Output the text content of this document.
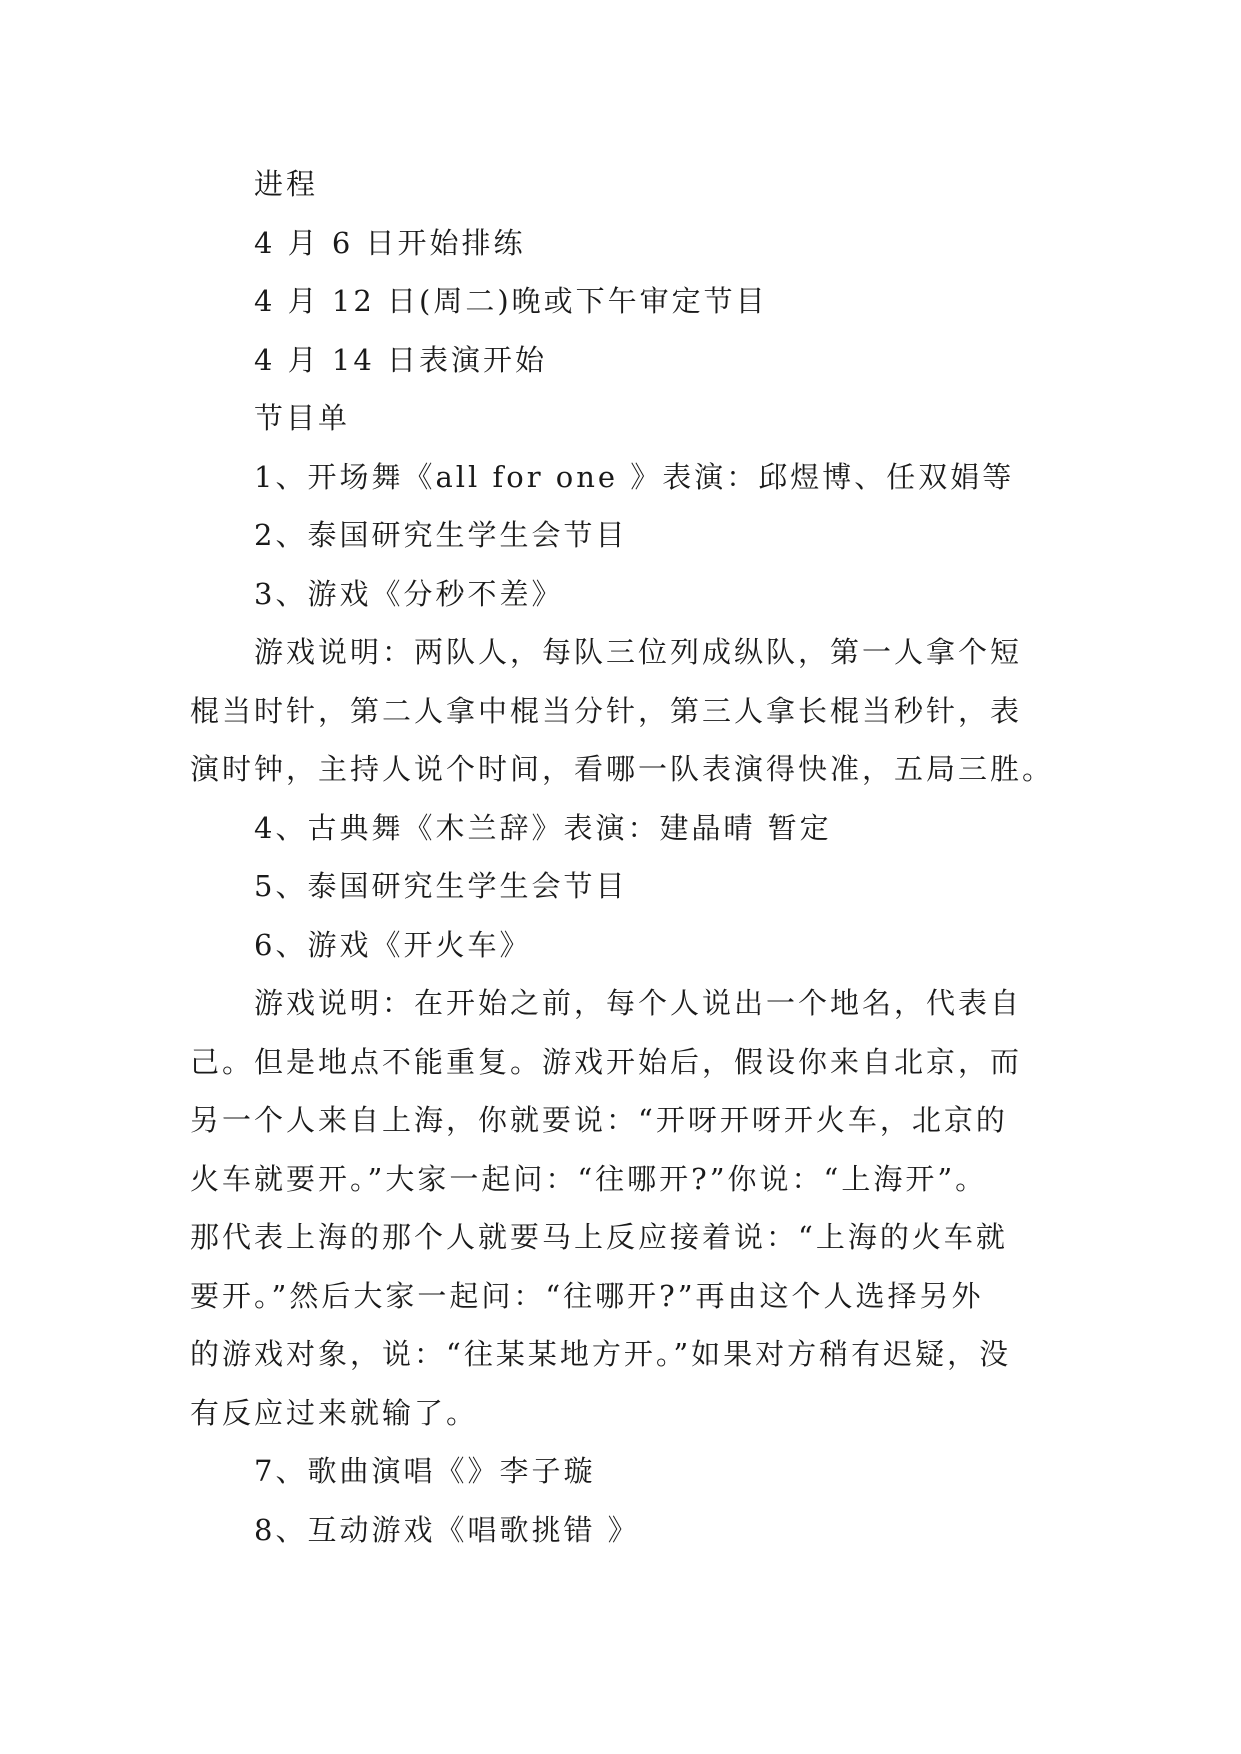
进程
4 月 6 日开始排练
4 月 12 日(周二)晚或下午审定节目
4 月 14 日表演开始
节目单
1、开场舞《all for one 》表演：邱煜博、任双娟等
2、泰国研究生学生会节目
3、游戏《分秒不差》
游戏说明：两队人，每队三位列成纵队，第一人拿个短
棍当时针，第二人拿中棍当分针，第三人拿长棍当秒针，表
演时钟，主持人说个时间，看哪一队表演得快准，五局三胜。
4、古典舞《木兰辞》表演：建晶晴 暂定
5、泰国研究生学生会节目
6、游戏《开火车》
游戏说明：在开始之前，每个人说出一个地名，代表自
己。但是地点不能重复。游戏开始后，假设你来自北京，而
另一个人来自上海，你就要说：“开呀开呀开火车，北京的
火车就要开。”大家一起问：“往哪开?”你说：“上海开”。
那代表上海的那个人就要马上反应接着说：“上海的火车就
要开。”然后大家一起问：“往哪开?”再由这个人选择另外
的游戏对象，说：“往某某地方开。”如果对方稍有迟疑，没
有反应过来就输了。
7、歌曲演唱《》李子璇
8、互动游戏《唱歌挑错 》
